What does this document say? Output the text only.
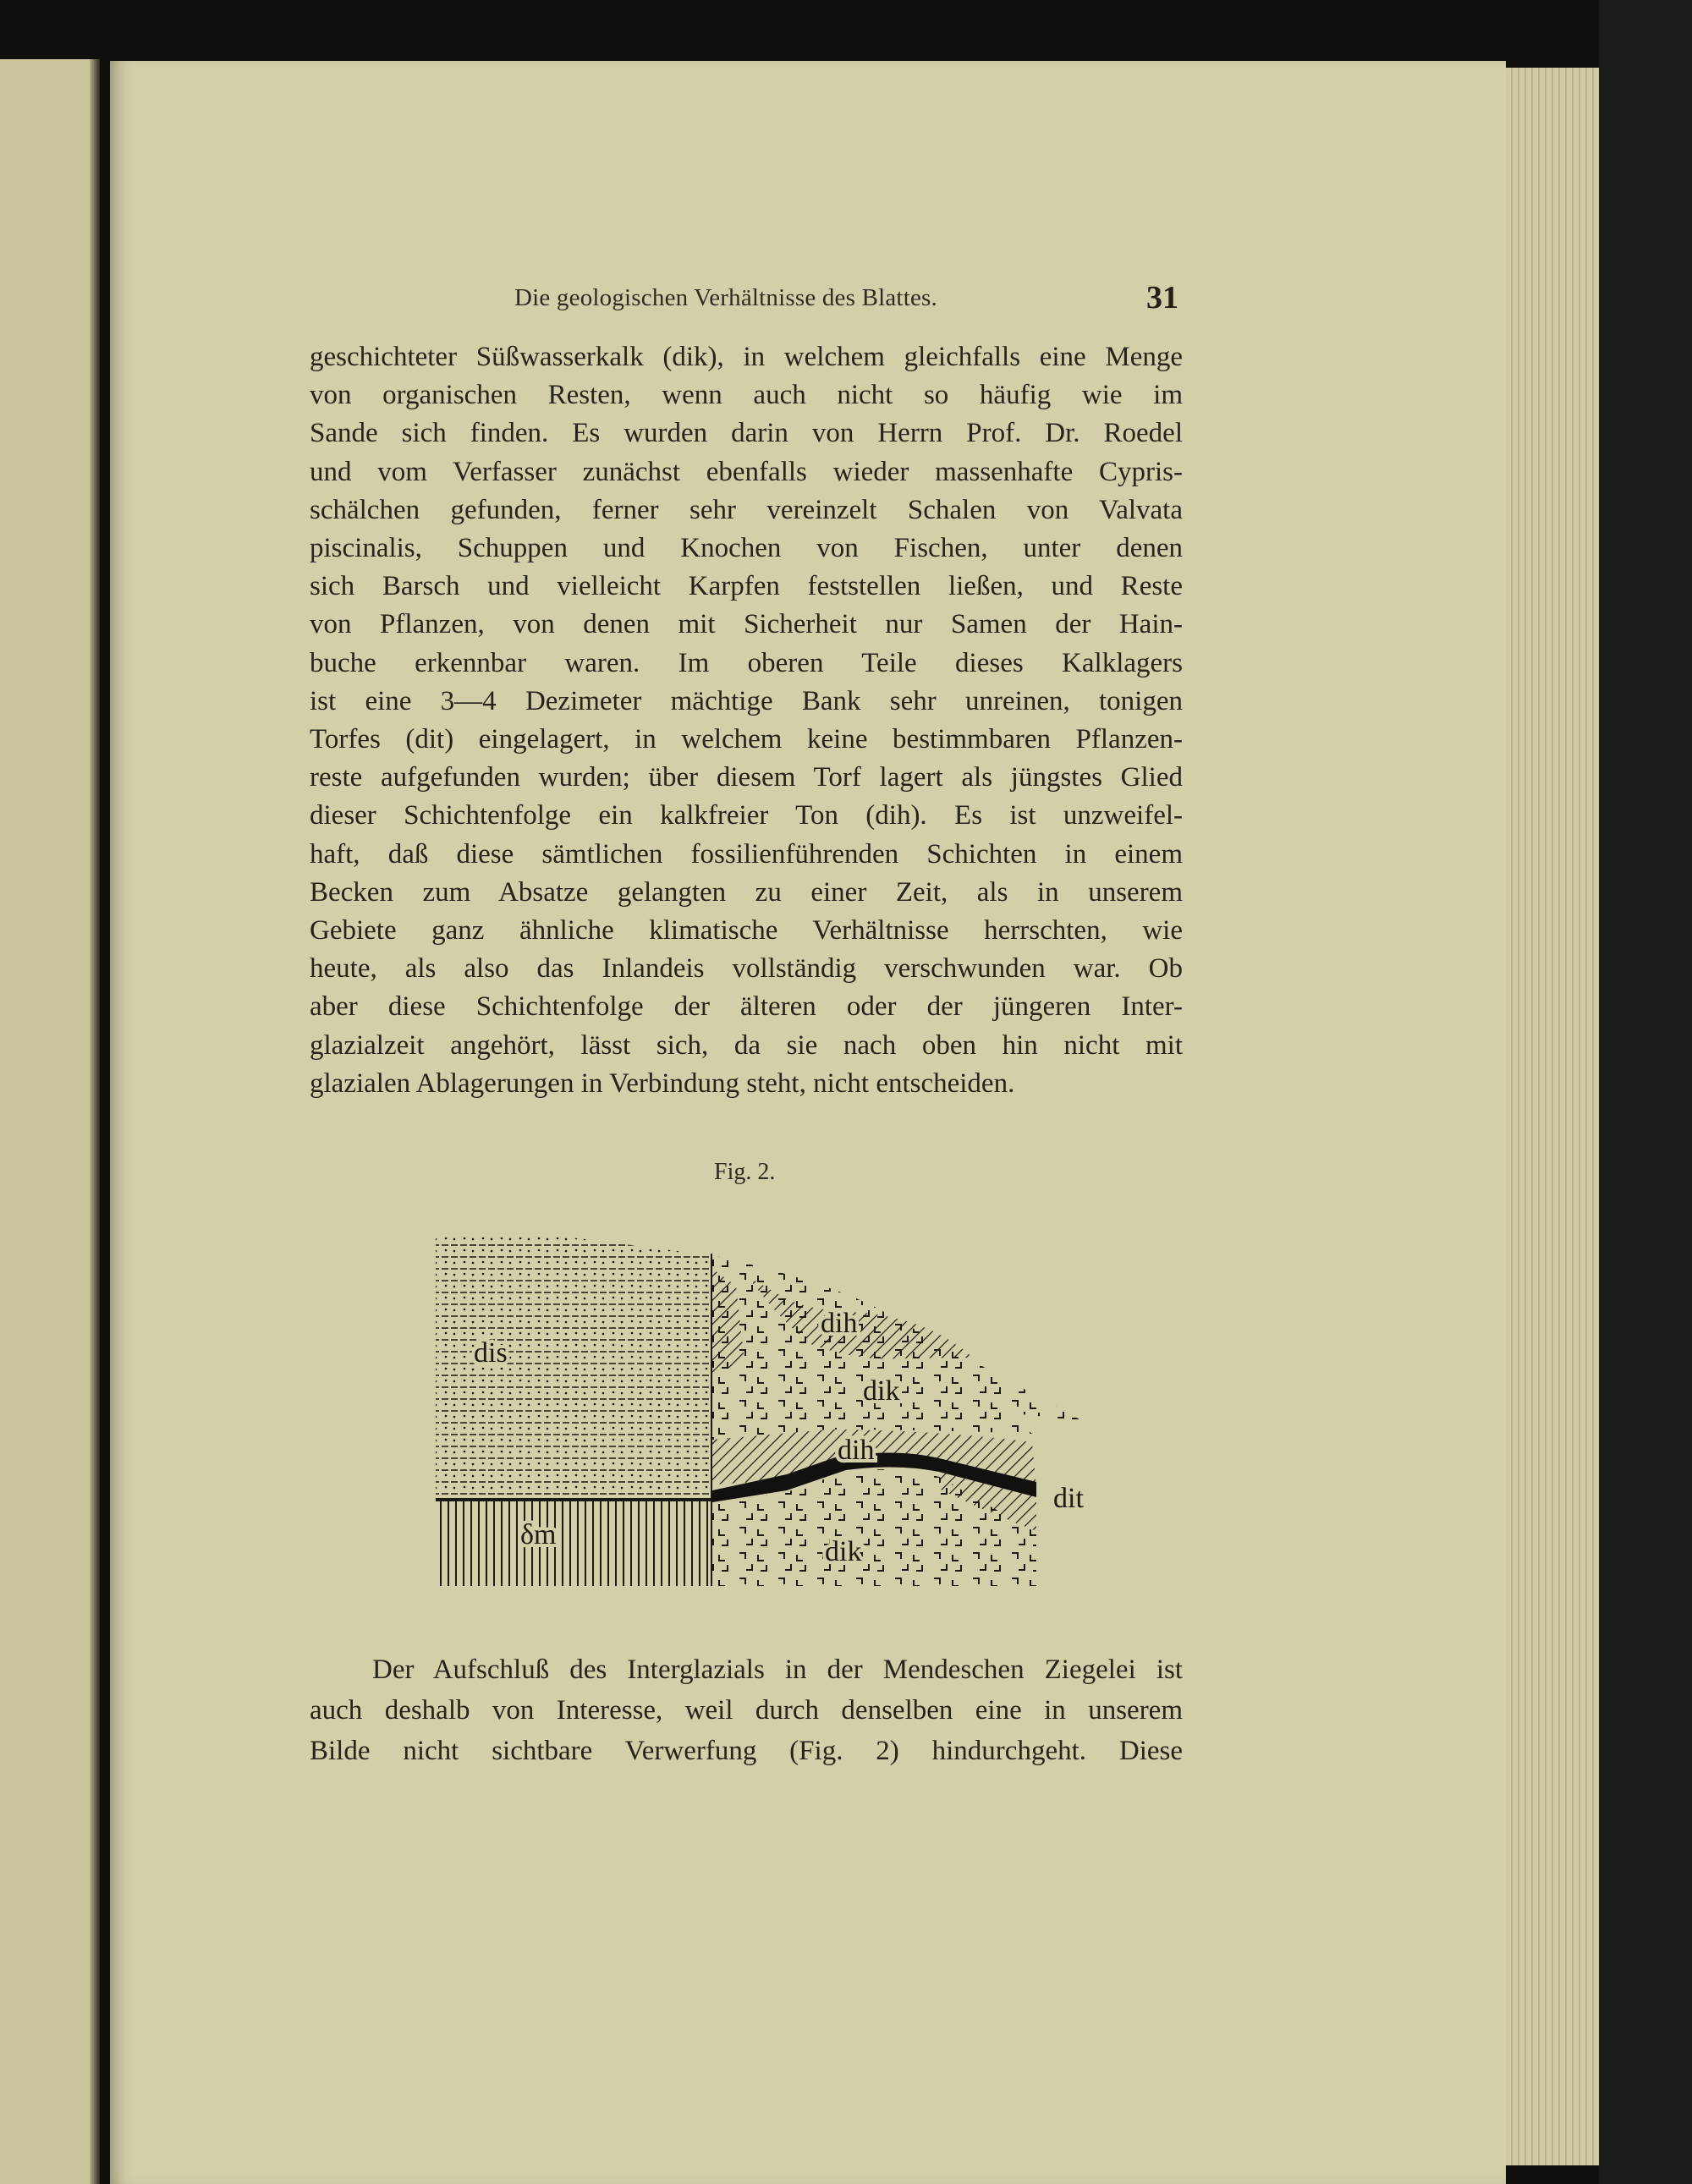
Die geologischen Verhältnisse des Blattes.	31

geschichteter Süßwasserkalk (dik), in welchem gleichfalls eine Menge
von organischen Resten, wenn auch nicht so häufig wie im
Sande sich finden. Es wurden darin von Herrn Prof. Dr. Roedel
und vom Verfasser zunächst ebenfalls wieder massenhafte Cypris-
schälchen gefunden, ferner sehr vereinzelt Schalen von Valvata
piscinalis, Schuppen und Knochen von Fischen, unter denen
sich Barsch und vielleicht Karpfen feststellen ließen, und Reste
von Pflanzen, von denen mit Sicherheit nur Samen der Hain-
buche erkennbar waren. Im oberen Teile dieses Kalklagers
ist eine 3—4 Dezimeter mächtige Bank sehr unreinen, tonigen
Torfes (dit) eingelagert, in welchem keine bestimmbaren Pflanzen-
reste aufgefunden wurden; über diesem Torf lagert als jüngstes Glied
dieser Schichtenfolge ein kalkfreier Ton (dih). Es ist unzweifel-
haft, daß diese sämtlichen fossilienführenden Schichten in einem
Becken zum Absatze gelangten zu einer Zeit, als in unserem
Gebiete ganz ähnliche klimatische Verhältnisse herrschten, wie
heute, als also das Inlandeis vollständig verschwunden war. Ob
aber diese Schichtenfolge der älteren oder der jüngeren Inter-
glazialzeit angehört, lässt sich, da sie nach oben hin nicht mit
glazialen Ablagerungen in Verbindung steht, nicht entscheiden.

Fig. 2.
dis
dih
dik
dih
dit
dik
δm

Der Aufschluß des Interglazials in der Mendeschen Ziegelei ist
auch deshalb von Interesse, weil durch denselben eine in unserem
Bilde nicht sichtbare Verwerfung (Fig. 2) hindurchgeht. Diese
